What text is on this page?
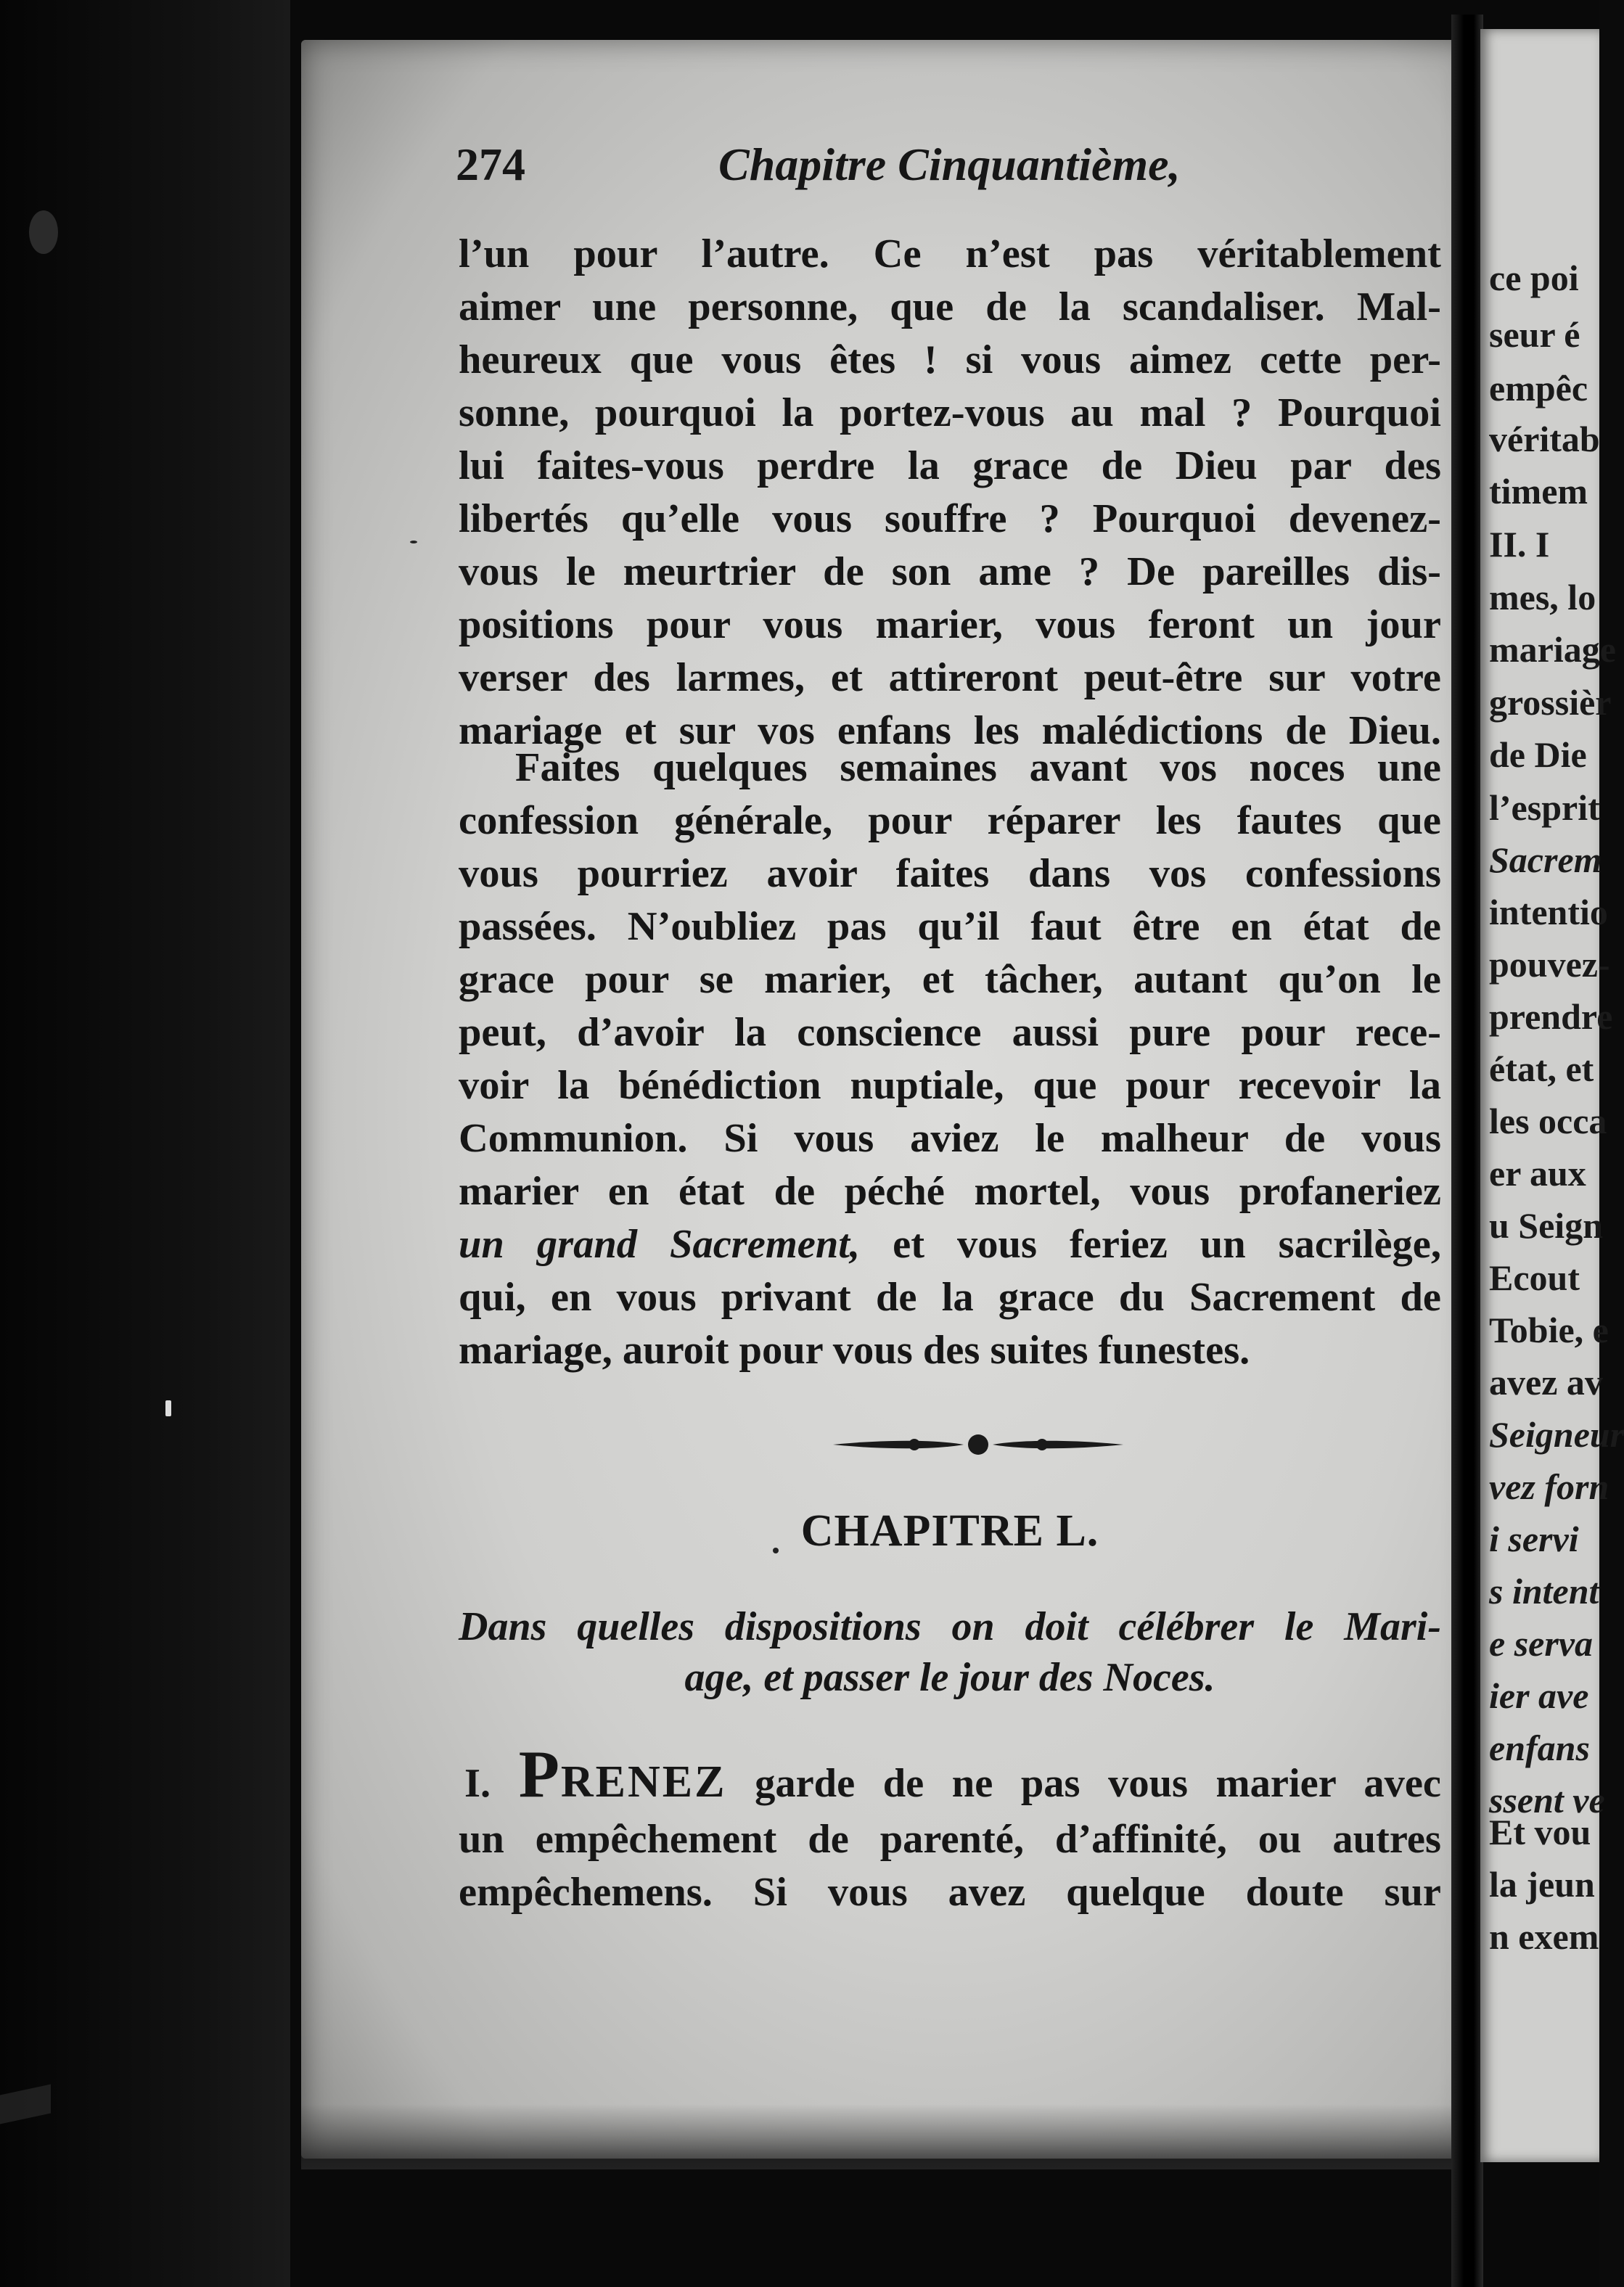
274	Chapitre Cinquantième,
l’un pour l’autre. Ce n’est pas véritablement
aimer une personne, que de la scandaliser. Mal-
heureux que vous êtes ! si vous aimez cette per-
sonne, pourquoi la portez-vous au mal ? Pourquoi
lui faites-vous perdre la grace de Dieu par des
libertés qu’elle vous souffre ? Pourquoi devenez-
vous le meurtrier de son ame ? De pareilles dis-
positions pour vous marier, vous feront un jour
verser des larmes, et attireront peut-être sur votre
mariage et sur vos enfans les malédictions de Dieu.
Faites quelques semaines avant vos noces une
confession générale, pour réparer les fautes que
vous pourriez avoir faites dans vos confessions
passées. N’oubliez pas qu’il faut être en état de
grace pour se marier, et tâcher, autant qu’on le
peut, d’avoir la conscience aussi pure pour rece-
voir la bénédiction nuptiale, que pour recevoir la
Communion. Si vous aviez le malheur de vous
marier en état de péché mortel, vous profaneriez
un grand Sacrement, et vous feriez un sacrilège,
qui, en vous privant de la grace du Sacrement de
mariage, auroit pour vous des suites funestes.
CHAPITRE L.
Dans quelles dispositions on doit célébrer le Mari-
age, et passer le jour des Noces.
I. PRENEZ garde de ne pas vous marier avec
un empêchement de parenté, d’affinité, ou autres
empêchemens. Si vous avez quelque doute sur
ce poi
seur é
empêc
véritab
timem
II. I
mes, lo
mariage
grossièr
de Die
l’esprit
Sacrem
intentio
pouvez-
prendre
état, et
les occa
er aux
u Seign
Ecout
Tobie, e
avez av
Seigneur
vez forn
i servi
s intent
e serva
ier ave
enfans
ssent ve
Et vou
la jeun
n exem
